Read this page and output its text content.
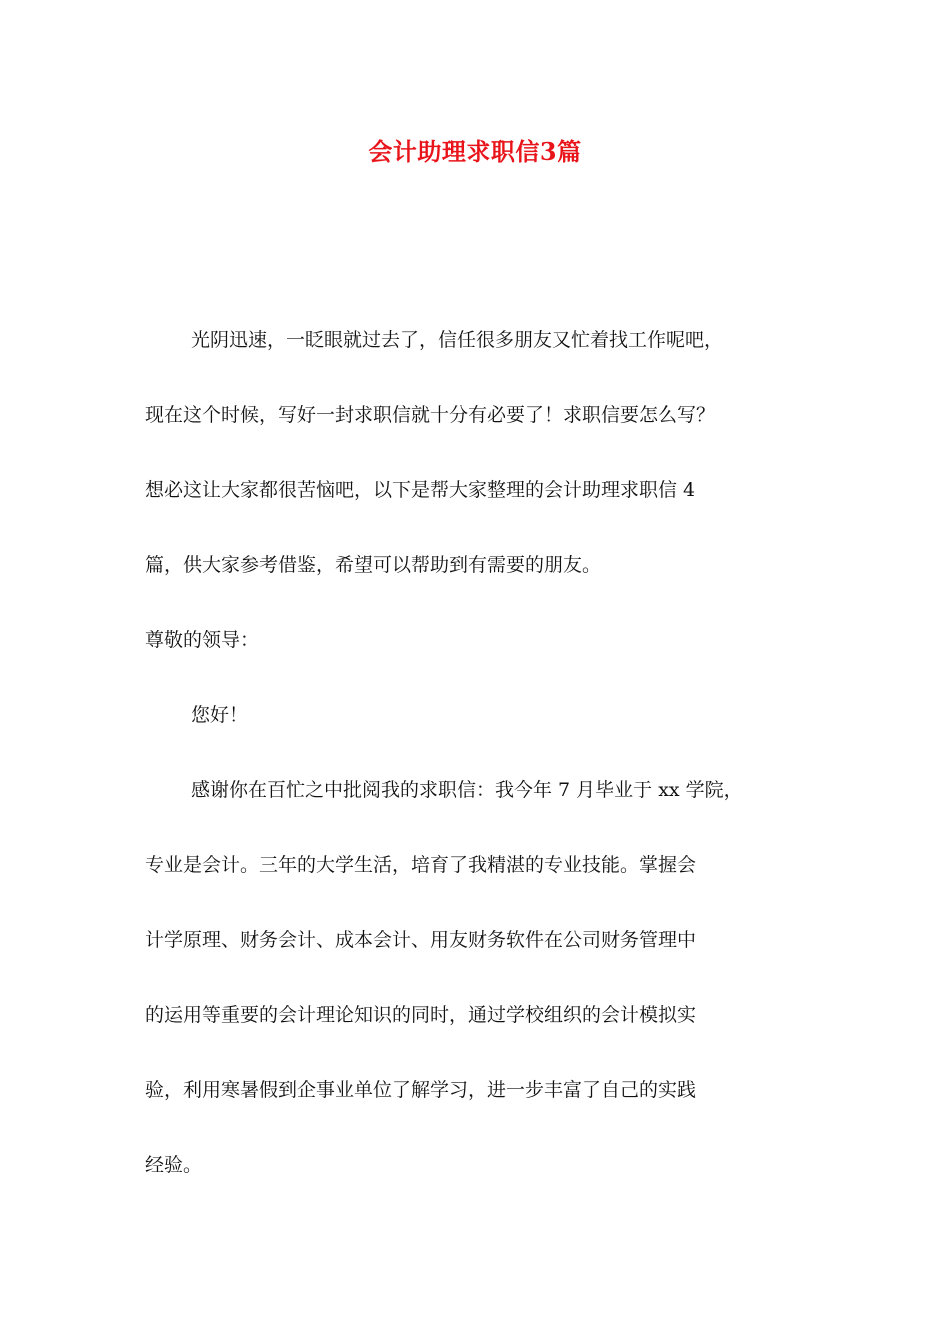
会计助理求职信3篇
光阴迅速，一眨眼就过去了，信任很多朋友又忙着找工作呢吧，
现在这个时候，写好一封求职信就十分有必要了！求职信要怎么写？
想必这让大家都很苦恼吧，以下是帮大家整理的会计助理求职信 4
篇，供大家参考借鉴，希望可以帮助到有需要的朋友。
尊敬的领导：
您好！
感谢你在百忙之中批阅我的求职信：我今年 7 月毕业于 xx 学院，
专业是会计。三年的大学生活，培育了我精湛的专业技能。掌握会
计学原理、财务会计、成本会计、用友财务软件在公司财务管理中
的运用等重要的会计理论知识的同时，通过学校组织的会计模拟实
验，利用寒暑假到企事业单位了解学习，进一步丰富了自己的实践
经验。
